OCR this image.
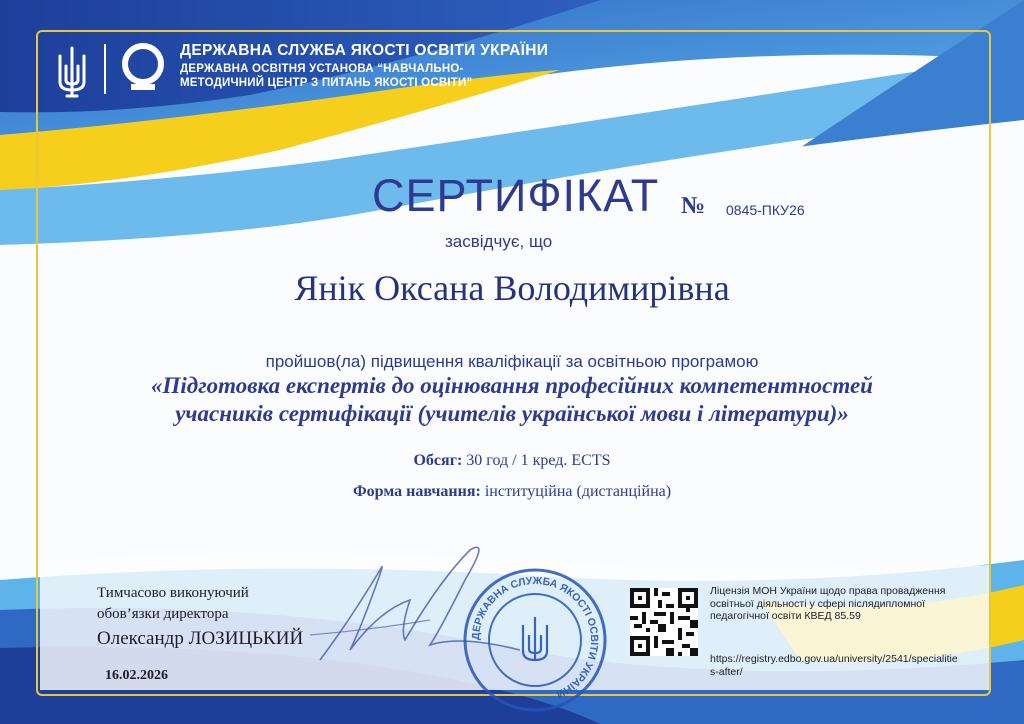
ДЕРЖАВНА СЛУЖБА ЯКОСТІ ОСВІТИ УКРАЇНИ
ДЕРЖАВНА ОСВІТНЯ УСТАНОВА “НАВЧАЛЬНО-
МЕТОДИЧНИЙ ЦЕНТР З ПИТАНЬ ЯКОСТІ ОСВІТИ”
СЕРТИФІКАТ № 0845-ПКУ26
засвідчує, що
Янік Оксана Володимирівна
пройшов(ла) підвищення кваліфікації за освітньою програмою
«Підготовка експертів до оцінювання професійних компетентностей
учасників сертифікації (учителів української мови і літератури)»
Обсяг: 30 год / 1 кред. ECTS
Форма навчання: інституційна (дистанційна)
Тимчасово виконуючий
обов’язки директора
Олександр ЛОЗИЦЬКИЙ
16.02.2026
ДЕРЖАВНА СЛУЖБА ЯКОСТІ ОСВІТИ УКРАЇНИ
Ліцензія МОН України щодо права провадження освітньої діяльності у сфері післядипломної педагогічної освіти КВЕД 85.59
https://registry.edbo.gov.ua/university/2541/specialities-after/
